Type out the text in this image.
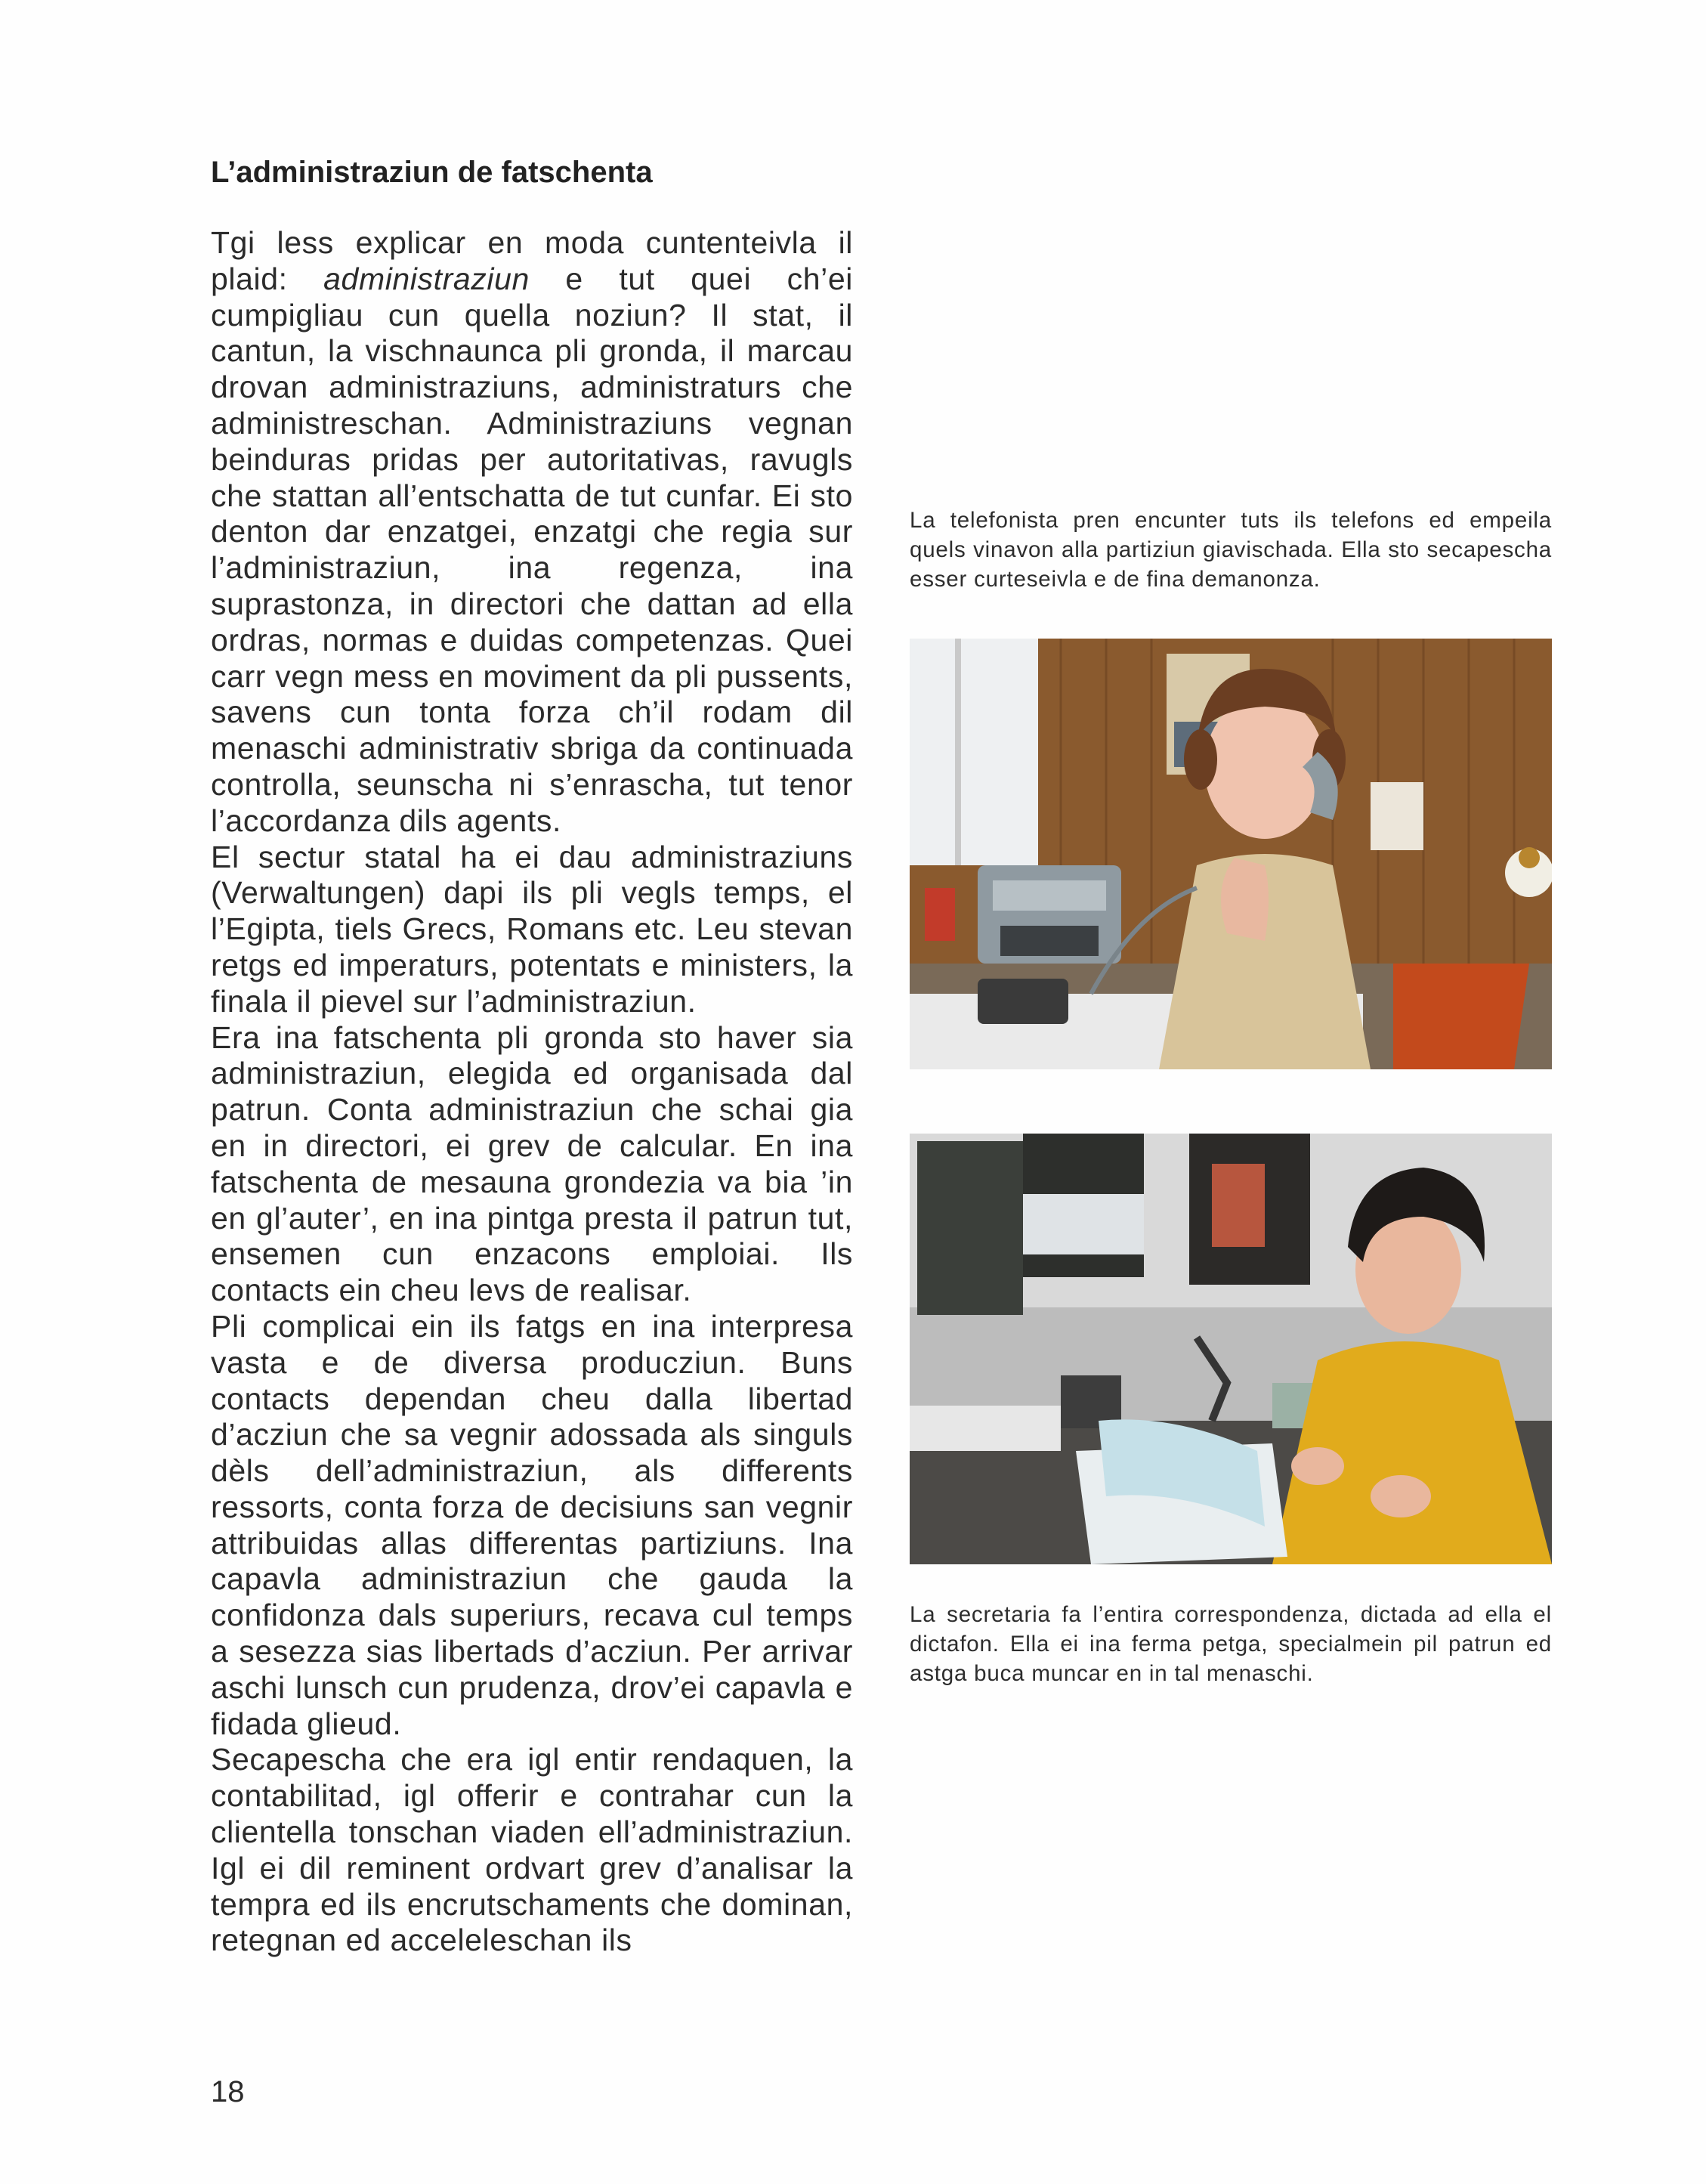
L’administraziun de fatschenta

Tgi less explicar en moda cuntenteivla il plaid: administraziun e tut quei ch’ei cumpigliau cun quella noziun? Il stat, il cantun, la vischnaunca pli gronda, il marcau drovan administraziuns, administraturs che administreschan. Administraziuns vegnan beinduras pridas per autoritativas, ravugls che stattan all’entschatta de tut cunfar. Ei sto denton dar enzatgei, enzatgi che regia sur l’administraziun, ina regenza, ina suprastonza, in directori che dattan ad ella ordras, normas e duidas competenzas. Quei carr vegn mess en moviment da pli pussents, savens cun tonta forza ch’il rodam dil menaschi administrativ sbriga da continuada controlla, seunscha ni s’enrascha, tut tenor l’accordanza dils agents.

El sectur statal ha ei dau administraziuns (Verwaltungen) dapi ils pli vegls temps, el l’Egipta, tiels Grecs, Romans etc. Leu stevan retgs ed imperaturs, potentats e ministers, la finala il pievel sur l’administraziun.

Era ina fatschenta pli gronda sto haver sia administraziun, elegida ed organisada dal patrun. Conta administraziun che schai gia en in directori, ei grev de calcular. En ina fatschenta de mesauna grondezia va bia ’in en gl’auter’, en ina pintga presta il patrun tut, ensemen cun enzacons emploiai. Ils contacts ein cheu levs de realisar.

Pli complicai ein ils fatgs en ina interpresa vasta e de diversa producziun. Buns contacts dependan cheu dalla libertad d’acziun che sa vegnir adossada als singuls dèls dell’administraziun, als differents ressorts, conta forza de decisiuns san vegnir attribuidas allas differentas partiziuns. Ina capavla administraziun che gauda la confidonza dals superiurs, recava cul temps a sesezza sias libertads d’acziun. Per arrivar aschi lunsch cun prudenza, drov’ei capavla e fidada glieud.

Secapescha che era igl entir rendaquen, la contabilitad, igl offerir e contrahar cun la clientella tonschan viaden ell’administraziun. Igl ei dil reminent ordvart grev d’analisar la tempra ed ils encrutschaments che dominan, retegnan ed acceleleschan ils

La telefonista pren encunter tuts ils telefons ed empeila quels vinavon alla partiziun giavischada. Ella sto secapescha esser curteseivla e de fina demanonza.

La secretaria fa l’entira correspondenza, dictada ad ella el dictafon. Ella ei ina ferma petga, specialmein pil patrun ed astga buca muncar en in tal menaschi.

18
